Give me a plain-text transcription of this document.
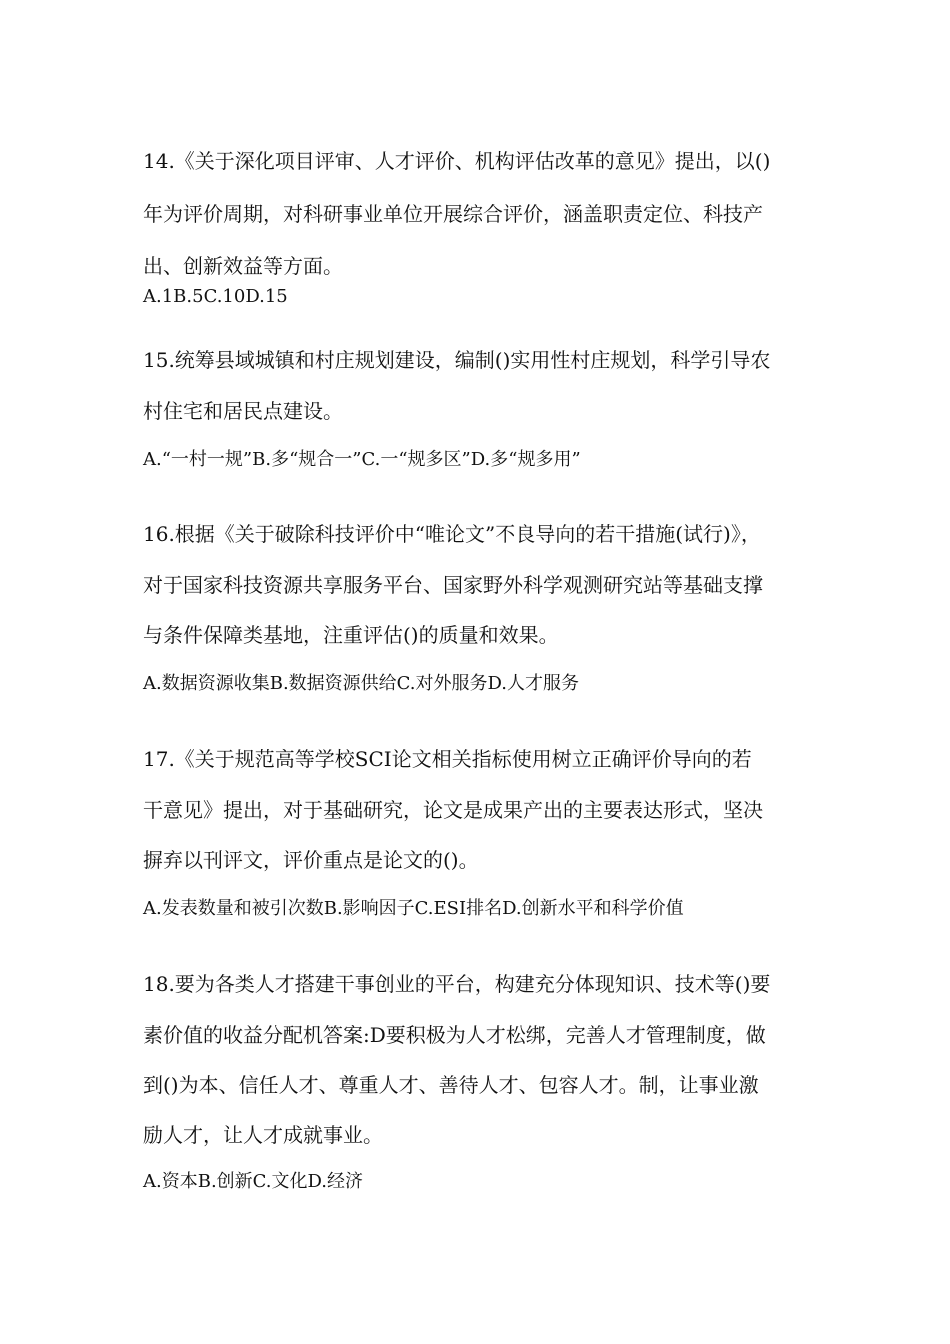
14.《关于深化项目评审、人才评价、机构评估改革的意见》提出，以()
年为评价周期，对科研事业单位开展综合评价，涵盖职责定位、科技产
出、创新效益等方面。
A.1B.5C.10D.15
15.统筹县域城镇和村庄规划建设，编制()实用性村庄规划，科学引导农
村住宅和居民点建设。
A.“一村一规”B.多“规合一”C.一“规多区”D.多“规多用”
16.根据《关于破除科技评价中“唯论文”不良导向的若干措施(试行)》，
对于国家科技资源共享服务平台、国家野外科学观测研究站等基础支撑
与条件保障类基地，注重评估()的质量和效果。
A.数据资源收集B.数据资源供给C.对外服务D.人才服务
17.《关于规范高等学校SCI论文相关指标使用树立正确评价导向的若
干意见》提出，对于基础研究，论文是成果产出的主要表达形式，坚决
摒弃以刊评文，评价重点是论文的()。
A.发表数量和被引次数B.影响因子C.ESI排名D.创新水平和科学价值
18.要为各类人才搭建干事创业的平台，构建充分体现知识、技术等()要
素价值的收益分配机答案:D要积极为人才松绑，完善人才管理制度，做
到()为本、信任人才、尊重人才、善待人才、包容人才。制，让事业激
励人才，让人才成就事业。
A.资本B.创新C.文化D.经济
